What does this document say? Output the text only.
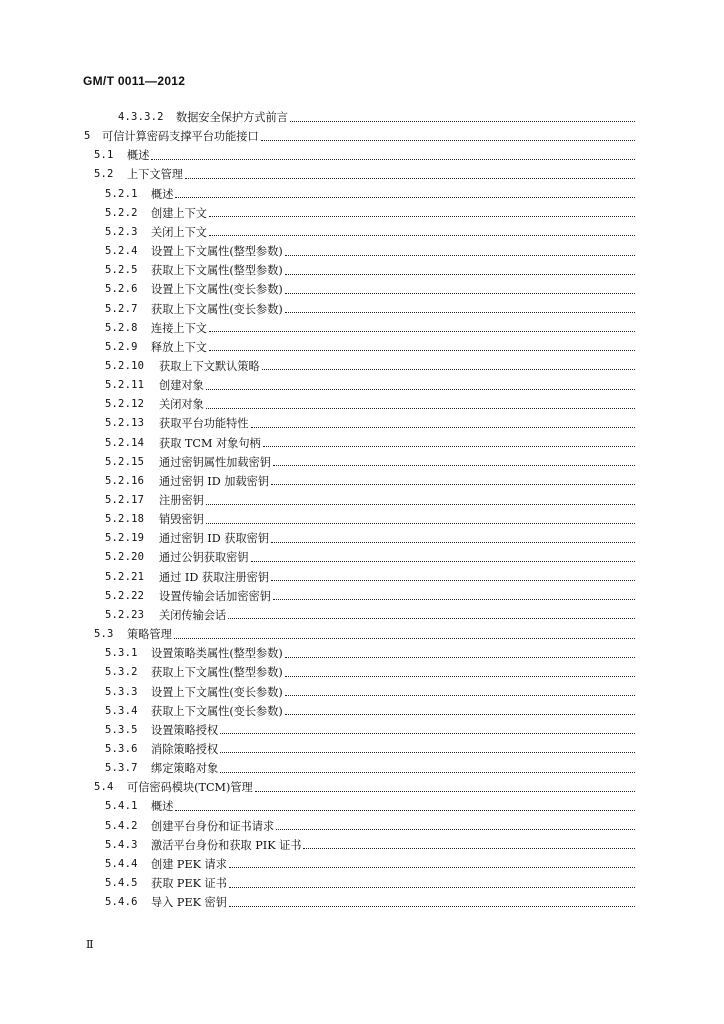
GM/T 0011—2012
4.3.3.2	数据安全保护方式前言
5	可信计算密码支撑平台功能接口
5.1	概述
5.2	上下文管理
5.2.1	概述
5.2.2	创建上下文
5.2.3	关闭上下文
5.2.4	设置上下文属性(整型参数)
5.2.5	获取上下文属性(整型参数)
5.2.6	设置上下文属性(变长参数)
5.2.7	获取上下文属性(变长参数)
5.2.8	连接上下文
5.2.9	释放上下文
5.2.10	获取上下文默认策略
5.2.11	创建对象
5.2.12	关闭对象
5.2.13	获取平台功能特性
5.2.14	获取 TCM 对象句柄
5.2.15	通过密钥属性加载密钥
5.2.16	通过密钥 ID 加载密钥
5.2.17	注册密钥
5.2.18	销毁密钥
5.2.19	通过密钥 ID 获取密钥
5.2.20	通过公钥获取密钥
5.2.21	通过 ID 获取注册密钥
5.2.22	设置传输会话加密密钥
5.2.23	关闭传输会话
5.3	策略管理
5.3.1	设置策略类属性(整型参数)
5.3.2	获取上下文属性(整型参数)
5.3.3	设置上下文属性(变长参数)
5.3.4	获取上下文属性(变长参数)
5.3.5	设置策略授权
5.3.6	消除策略授权
5.3.7	绑定策略对象
5.4	可信密码模块(TCM)管理
5.4.1	概述
5.4.2	创建平台身份和证书请求
5.4.3	激活平台身份和获取 PIK 证书
5.4.4	创建 PEK 请求
5.4.5	获取 PEK 证书
5.4.6	导入 PEK 密钥
Ⅱ
